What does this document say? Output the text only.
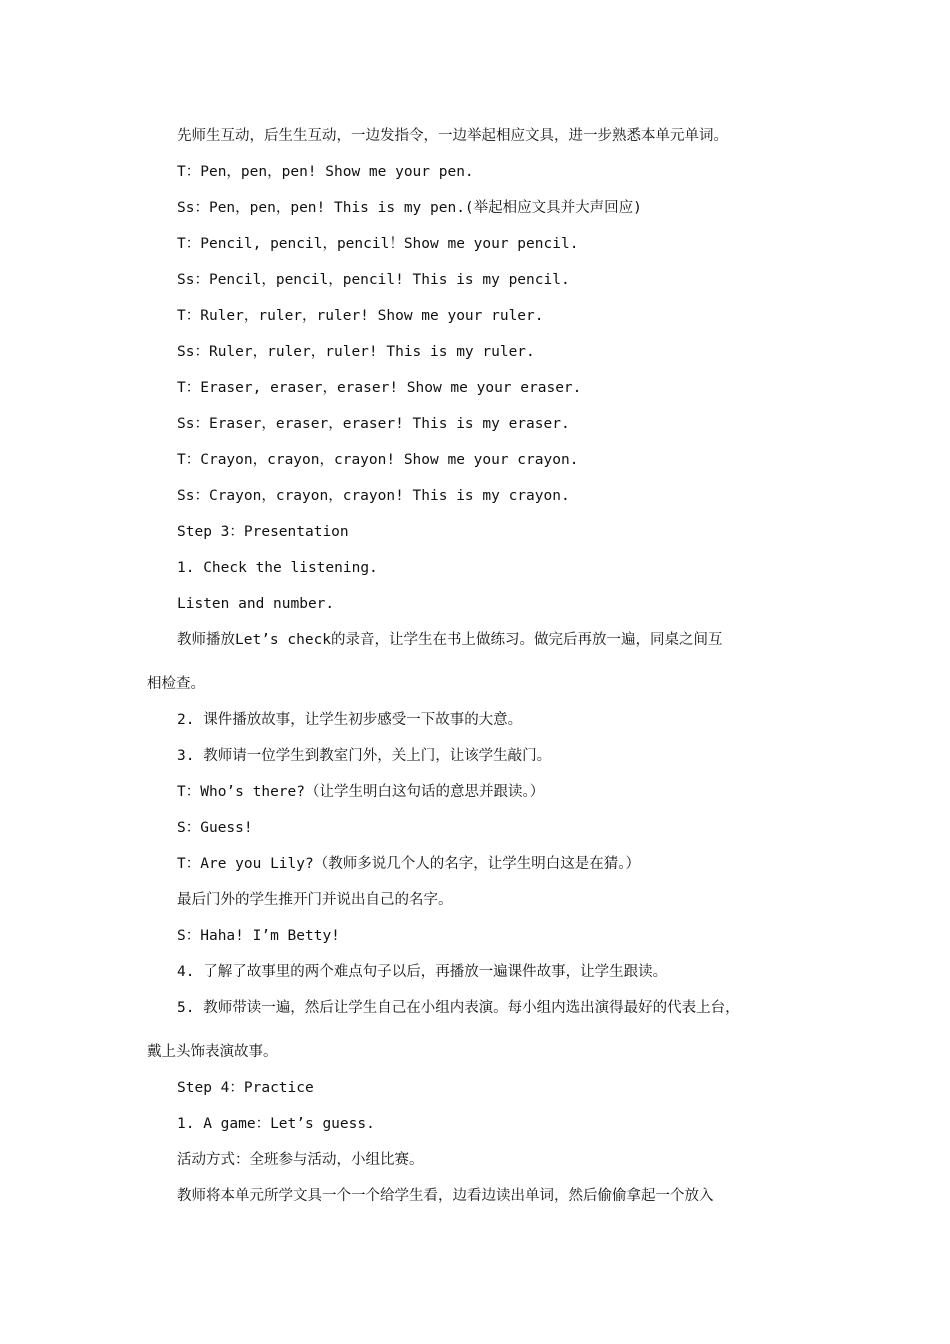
先师生互动，后生生互动，一边发指令，一边举起相应文具，进一步熟悉本单元单词。
T：Pen，pen，pen! Show me your pen.
Ss：Pen，pen，pen! This is my pen.(举起相应文具并大声回应)
T：Pencil, pencil，pencil！Show me your pencil.
Ss：Pencil，pencil，pencil! This is my pencil.
T：Ruler，ruler，ruler! Show me your ruler.
Ss：Ruler，ruler，ruler! This is my ruler.
T：Eraser, eraser，eraser! Show me your eraser.
Ss：Eraser，eraser，eraser! This is my eraser.
T：Crayon，crayon，crayon! Show me your crayon.
Ss：Crayon，crayon，crayon! This is my crayon.
Step 3：Presentation
1. Check the listening.
Listen and number.
教师播放Let’s check的录音，让学生在书上做练习。做完后再放一遍，同桌之间互
相检查。
2. 课件播放故事，让学生初步感受一下故事的大意。
3. 教师请一位学生到教室门外，关上门，让该学生敲门。
T：Who’s there?（让学生明白这句话的意思并跟读。）
S：Guess!
T：Are you Lily?（教师多说几个人的名字，让学生明白这是在猜。）
最后门外的学生推开门并说出自己的名字。
S：Haha! I’m Betty!
4. 了解了故事里的两个难点句子以后，再播放一遍课件故事，让学生跟读。
5. 教师带读一遍，然后让学生自己在小组内表演。每小组内选出演得最好的代表上台，
戴上头饰表演故事。
Step 4：Practice
1. A game：Let’s guess.
活动方式：全班参与活动，小组比赛。
教师将本单元所学文具一个一个给学生看，边看边读出单词，然后偷偷拿起一个放入
